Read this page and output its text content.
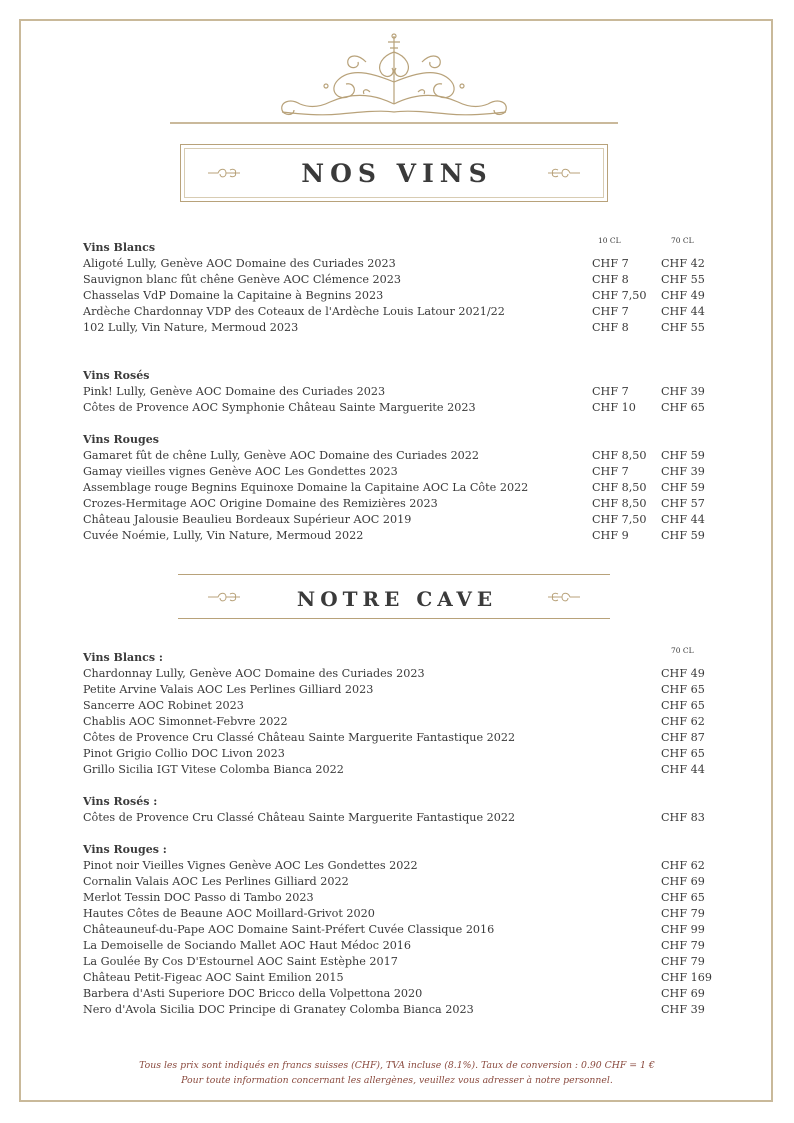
NOS VINS
10 CL	70 CL
Vins Blancs
Aligoté Lully, Genève AOC Domaine des Curiades 2023	CHF 7	CHF 42
Sauvignon blanc fût chêne Genève AOC Clémence 2023	CHF 8	CHF 55
Chasselas VdP Domaine la Capitaine à Begnins 2023	CHF 7,50 CHF 49
Ardèche Chardonnay VDP des Coteaux de l'Ardèche Louis Latour 2021/22	CHF 7	CHF 44
102 Lully, Vin Nature, Mermoud 2023	CHF 8	CHF 55
Vins Rosés
Pink! Lully, Genève AOC Domaine des Curiades 2023	CHF 7	CHF 39
Côtes de Provence AOC Symphonie Château Sainte Marguerite 2023	CHF 10 CHF 65
Vins Rouges
Gamaret fût de chêne Lully, Genève AOC Domaine des Curiades 2022	CHF 8,50 CHF 59
Gamay vieilles vignes Genève AOC Les Gondettes 2023	CHF 7	CHF 39
Assemblage rouge Begnins Equinoxe Domaine la Capitaine AOC La Côte 2022	CHF 8,50 CHF 59
Crozes-Hermitage AOC Origine Domaine des Remizières 2023	CHF 8,50 CHF 57
Château Jalousie Beaulieu Bordeaux Supérieur AOC 2019	CHF 7,50 CHF 44
Cuvée Noémie, Lully, Vin Nature, Mermoud 2022	CHF 9	CHF 59
NOTRE CAVE
70 CL
Vins Blancs :
Chardonnay Lully, Genève AOC Domaine des Curiades 2023	CHF 49
Petite Arvine Valais AOC Les Perlines Gilliard 2023	CHF 65
Sancerre AOC Robinet 2023	CHF 65
Chablis AOC Simonnet-Febvre 2022	CHF 62
Côtes de Provence Cru Classé Château Sainte Marguerite Fantastique 2022	CHF 87
Pinot Grigio Collio DOC Livon 2023	CHF 65
Grillo Sicilia IGT Vitese Colomba Bianca 2022	CHF 44
Vins Rosés :
Côtes de Provence Cru Classé Château Sainte Marguerite Fantastique 2022	CHF 83
Vins Rouges :
Pinot noir Vieilles Vignes Genève AOC Les Gondettes 2022	CHF 62
Cornalin Valais AOC Les Perlines Gilliard 2022	CHF 69
Merlot Tessin DOC Passo di Tambo 2023	CHF 65
Hautes Côtes de Beaune AOC Moillard-Grivot 2020	CHF 79
Châteauneuf-du-Pape AOC Domaine Saint-Préfert Cuvée Classique 2016	CHF 99
La Demoiselle de Sociando Mallet AOC Haut Médoc 2016	CHF 79
La Goulée By Cos D'Estournel AOC Saint Estèphe 2017	CHF 79
Château Petit-Figeac AOC Saint Emilion 2015	CHF 169
Barbera d'Asti Superiore DOC Bricco della Volpettona 2020	CHF 69
Nero d'Avola Sicilia DOC Principe di Granatey Colomba Bianca 2023	CHF 39
Tous les prix sont indiqués en francs suisses (CHF), TVA incluse (8.1%). Taux de conversion : 0.90 CHF = 1 €
Pour toute information concernant les allergènes, veuillez vous adresser à notre personnel.
